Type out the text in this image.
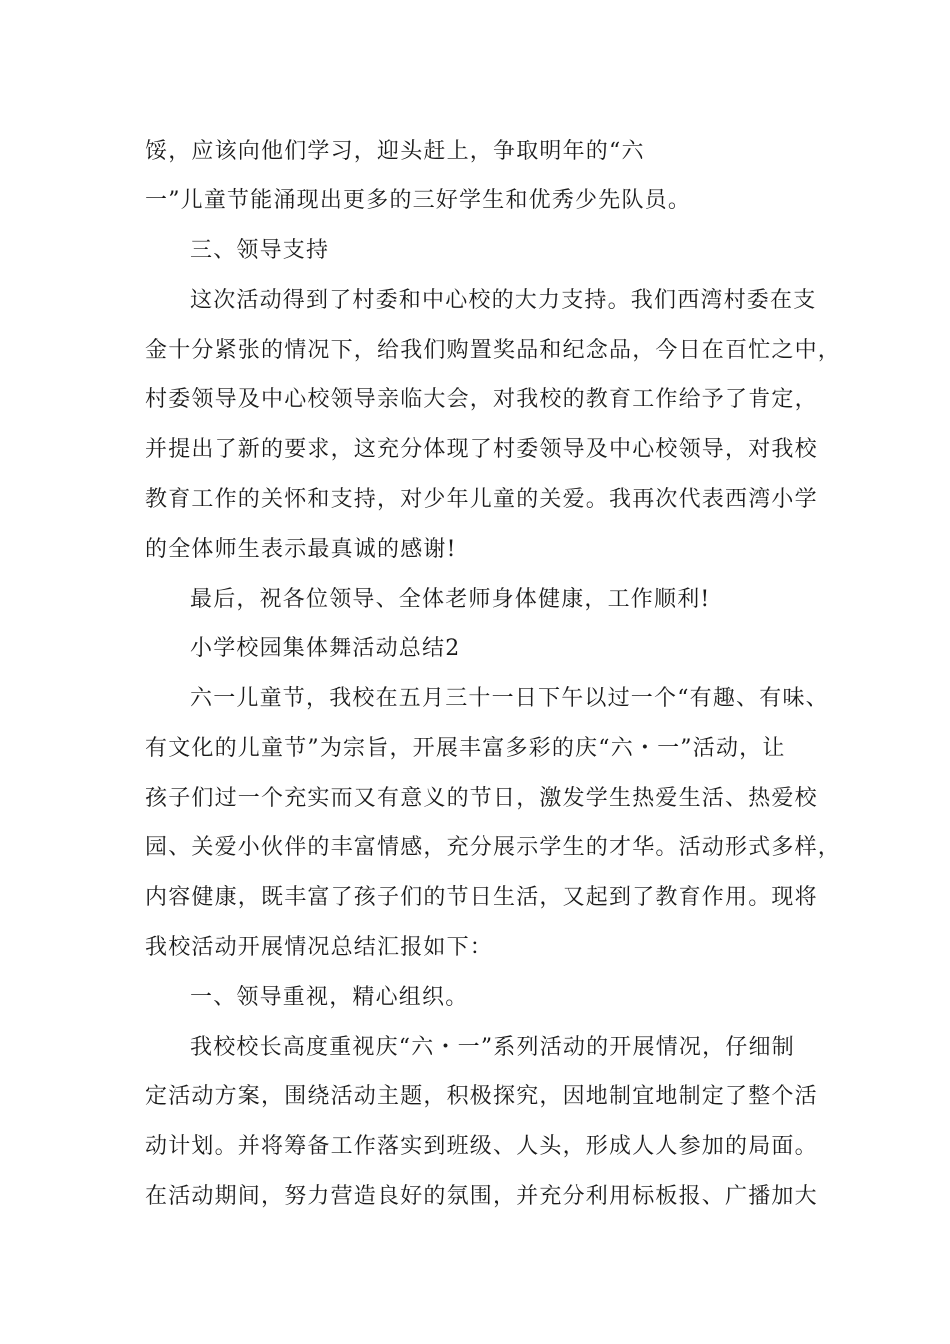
馁，应该向他们学习，迎头赶上，争取明年的“六
一”儿童节能涌现出更多的三好学生和优秀少先队员。
三、领导支持
这次活动得到了村委和中心校的大力支持。我们西湾村委在支
金十分紧张的情况下，给我们购置奖品和纪念品，今日在百忙之中，
村委领导及中心校领导亲临大会，对我校的教育工作给予了肯定，
并提出了新的要求，这充分体现了村委领导及中心校领导，对我校
教育工作的关怀和支持，对少年儿童的关爱。我再次代表西湾小学
的全体师生表示最真诚的感谢!
最后，祝各位领导、全体老师身体健康，工作顺利!
小学校园集体舞活动总结2
六一儿童节，我校在五月三十一日下午以过一个“有趣、有味、
有文化的儿童节”为宗旨，开展丰富多彩的庆“六・一”活动，让
孩子们过一个充实而又有意义的节日，激发学生热爱生活、热爱校
园、关爱小伙伴的丰富情感，充分展示学生的才华。活动形式多样，
内容健康，既丰富了孩子们的节日生活，又起到了教育作用。现将
我校活动开展情况总结汇报如下：
一、领导重视，精心组织。
我校校长高度重视庆“六・一”系列活动的开展情况，仔细制
定活动方案，围绕活动主题，积极探究，因地制宜地制定了整个活
动计划。并将筹备工作落实到班级、人头，形成人人参加的局面。
在活动期间，努力营造良好的氛围，并充分利用标板报、广播加大
